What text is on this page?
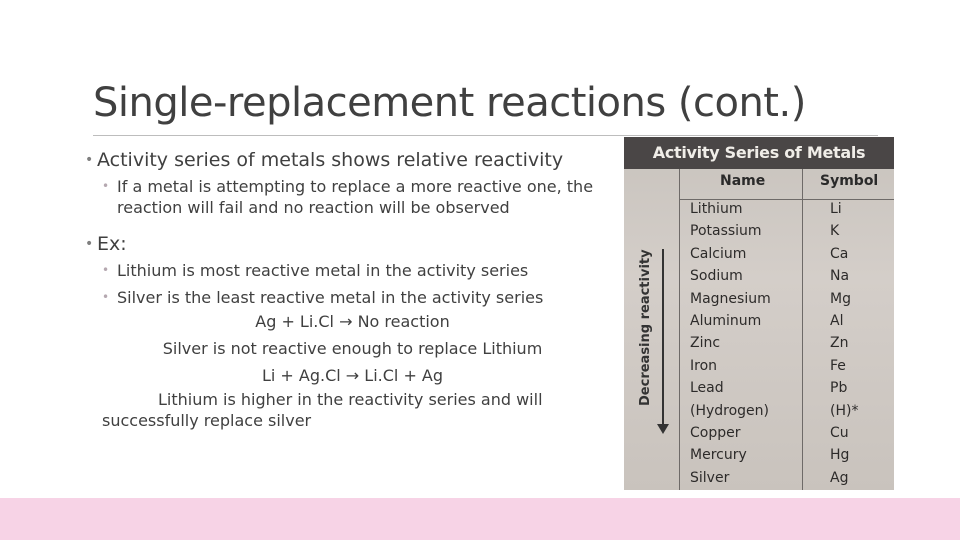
Single-replacement reactions (cont.)
• Activity series of metals shows relative reactivity
• If a metal is attempting to replace a more reactive one, the reaction will fail and no reaction will be observed
• Ex:
• Lithium is most reactive metal in the activity series
• Silver is the least reactive metal in the activity series
Ag + Li.Cl → No reaction
Silver is not reactive enough to replace Lithium
Li + Ag.Cl → Li.Cl + Ag
Lithium is higher in the reactivity series and will
successfully replace silver
Activity Series of Metals
Name	Symbol
Decreasing reactivity
Lithium	Li
Potassium	K
Calcium	Ca
Sodium	Na
Magnesium	Mg
Aluminum	Al
Zinc	Zn
Iron	Fe
Lead	Pb
(Hydrogen)	(H)*
Copper	Cu
Mercury	Hg
Silver	Ag
